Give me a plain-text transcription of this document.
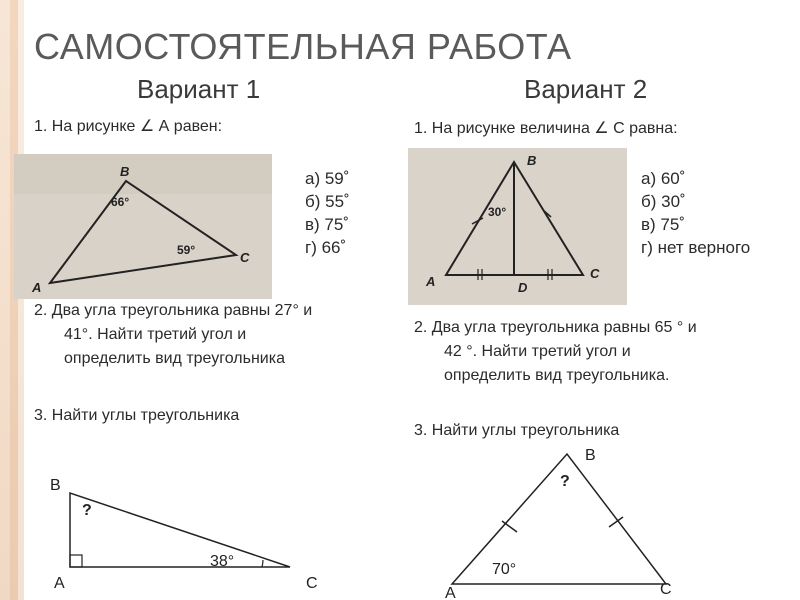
САМОСТОЯТЕЛЬНАЯ РАБОТА
Вариант 1	Вариант 2
1. На рисунке ∠ А равен:
B
A
C
66°
59°
а) 59˚
б) 55˚
в) 75˚
г) 66˚
2. Два угла треугольника равны 27° и
41°. Найти третий угол и
определить вид треугольника
3. Найти углы треугольника
B
A	C
?
38°
1. На рисунке величина ∠ С равна:
B
A
C
D
30°
а) 60˚
б) 30˚
в) 75˚
г) нет верного
2. Два угла треугольника равны 65 ° и
42 °. Найти третий угол и
определить вид треугольника.
3. Найти углы треугольника
B
A	C
?
70°
